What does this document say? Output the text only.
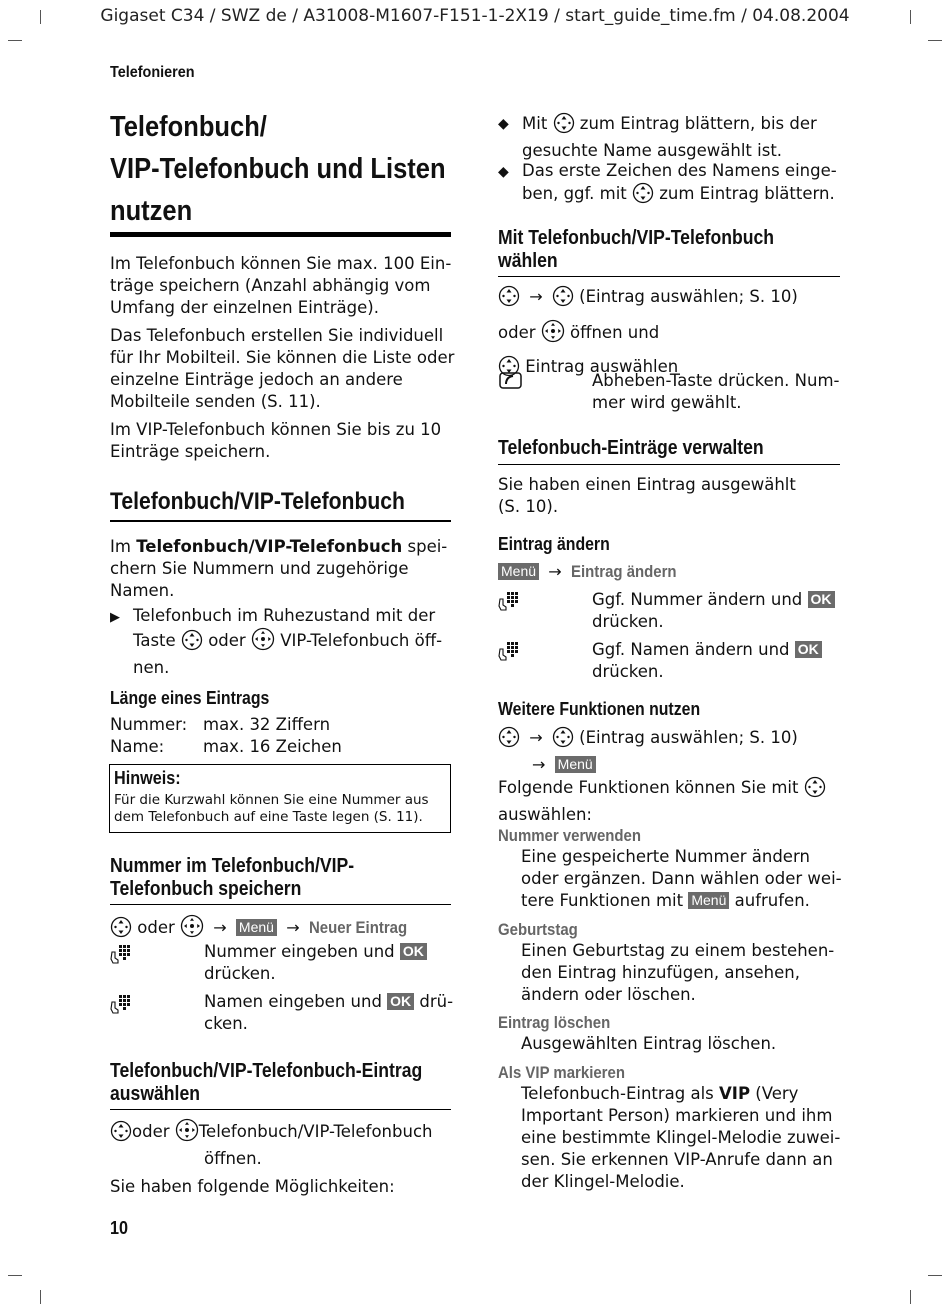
Gigaset C34 / SWZ de / A31008-M1607-F151-1-2X19 / start_guide_time.fm / 04.08.2004
Telefonieren
Telefonbuch/
VIP-Telefonbuch und Listen
nutzen
Im Telefonbuch können Sie max. 100 Ein-
träge speichern (Anzahl abhängig vom
Umfang der einzelnen Einträge).
Das Telefonbuch erstellen Sie individuell
für Ihr Mobilteil. Sie können die Liste oder
einzelne Einträge jedoch an andere
Mobilteile senden (S. 11).
Im VIP-Telefonbuch können Sie bis zu 10
Einträge speichern.
Telefonbuch/VIP-Telefonbuch
Im Telefonbuch/VIP-Telefonbuch spei-
chern Sie Nummern und zugehörige
Namen.
▶ Telefonbuch im Ruhezustand mit der
Taste oder VIP-Telefonbuch öff-
nen.
Länge eines Eintrags
Nummer: max. 32 Ziffern
Name:	max. 16 Zeichen
Hinweis:
Für die Kurzwahl können Sie eine Nummer aus
dem Telefonbuch auf eine Taste legen (S. 11).
Nummer im Telefonbuch/VIP-
Telefonbuch speichern
oder → Menü → Neuer Eintrag
Nummer eingeben und OK
drücken.
Namen eingeben und OK drü-
cken.
Telefonbuch/VIP-Telefonbuch-Eintrag
auswählen
oder Telefonbuch/VIP-Telefonbuch
öffnen.
Sie haben folgende Möglichkeiten:
10
◆ Mit zum Eintrag blättern, bis der
gesuchte Name ausgewählt ist.
◆ Das erste Zeichen des Namens einge-
ben, ggf. mit zum Eintrag blättern.
Mit Telefonbuch/VIP-Telefonbuch
wählen
→ (Eintrag auswählen; S. 10)
oder öffnen und
Eintrag auswählen
Abheben-Taste drücken. Num-
mer wird gewählt.
Telefonbuch-Einträge verwalten
Sie haben einen Eintrag ausgewählt
(S. 10).
Eintrag ändern
Menü → Eintrag ändern
Ggf. Nummer ändern und OK
drücken.
Ggf. Namen ändern und OK
drücken.
Weitere Funktionen nutzen
→ (Eintrag auswählen; S. 10)
→ Menü
Folgende Funktionen können Sie mit
auswählen:
Nummer verwenden
Eine gespeicherte Nummer ändern
oder ergänzen. Dann wählen oder wei-
tere Funktionen mit Menü aufrufen.
Geburtstag
Einen Geburtstag zu einem bestehen-
den Eintrag hinzufügen, ansehen,
ändern oder löschen.
Eintrag löschen
Ausgewählten Eintrag löschen.
Als VIP markieren
Telefonbuch-Eintrag als VIP (Very
Important Person) markieren und ihm
eine bestimmte Klingel-Melodie zuwei-
sen. Sie erkennen VIP-Anrufe dann an
der Klingel-Melodie.
